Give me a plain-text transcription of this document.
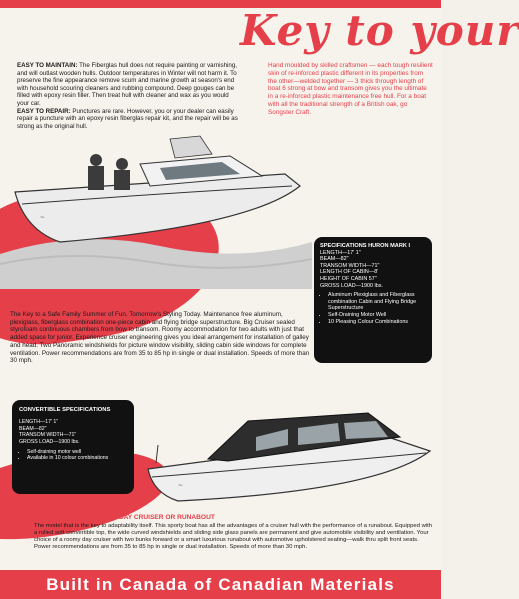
Key to your
EASY TO MAINTAIN: The Fiberglas hull does not require painting or varnishing, and will outlast wooden hulls. Outdoor temperatures in Winter will not harm it. To preserve the fine appearance remove scum and marine growth at season's end with household scouring cleaners and rubbing compound. Deep gouges can be filled with epoxy resin filler. Then treat hull with cleaner and wax as you would your car.
EASY TO REPAIR: Punctures are rare. However, you or your dealer can easily repair a puncture with an epoxy resin fiberglas repair kit, and the repair will be as strong as the original hull.
Hand moulded by skilled craftsmen — each tough resilient skin of re-inforced plastic different in its properties from the other—welded together — 3 thick through length of boat 6 strong at bow and transom gives you the ultimate in a re-inforced plastic maintenance free hull. For a boat with all the traditional strength of a British oak, go Songster Craft.
~
SPECIFICATIONS HURON MARK I
LENGTH—17' 1"
BEAM—82"
TRANSOM WIDTH—71"
LENGTH OF CABIN—8'
HEIGHT OF CABIN 57"
GROSS LOAD—1900 lbs.
• Aluminum Plexiglass and Fiberglass combination Cabin and Flying Bridge Superstructure
• Self-Draining Motor Well
• 10 Pleasing Colour Combinations
OUTBOARD CRUISER
HURON MARK I
The Key to a Safe Family Summer of Fun. Tomorrow's Styling Today. Maintenance free aluminum, plexiglass, fiberglass combination one-piece cabin and flying bridge superstructure. Big Cruiser sealed styrofoam continuous chambers from bow to transom. Roomy accommodation for two adults with just that added space for junior. Experience cruiser engineering gives you ideal arrangement for installation of galley and head. Two Panoramic windshields for picture window visibility, sliding cabin side windows for complete ventilation. Power recommendations are from 35 to 85 hp in single or dual installation. Speeds of more than 30 mph.
CONVERTIBLE SPECIFICATIONS
LENGTH—17' 1"
BEAM—82"
TRANSOM WIDTH—71"
GROSS LOAD—1900 lbs.
• Self-draining motor well
• Available in 10 colour combinations
~
OPTIONAL CONVERTIBLE DAY CRUISER OR RUNABOUT
The model that is the key to adaptability itself. This sporty boat has all the advantages of a cruiser hull with the performance of a runabout. Equipped with a rolled soft convertible top, the wide curved windshields and sliding side glass panels are permanent and give automobile visibility and ventilation. Your choice of a roomy day cruiser with two bunks forward or a smart luxurious runabout with automotive upholstered seating—walk thru split front seats. Power recommendations are from 35 to 85 hp in single or dual installation. Speeds of more than 30 mph.
Built in Canada of Canadian Materials
